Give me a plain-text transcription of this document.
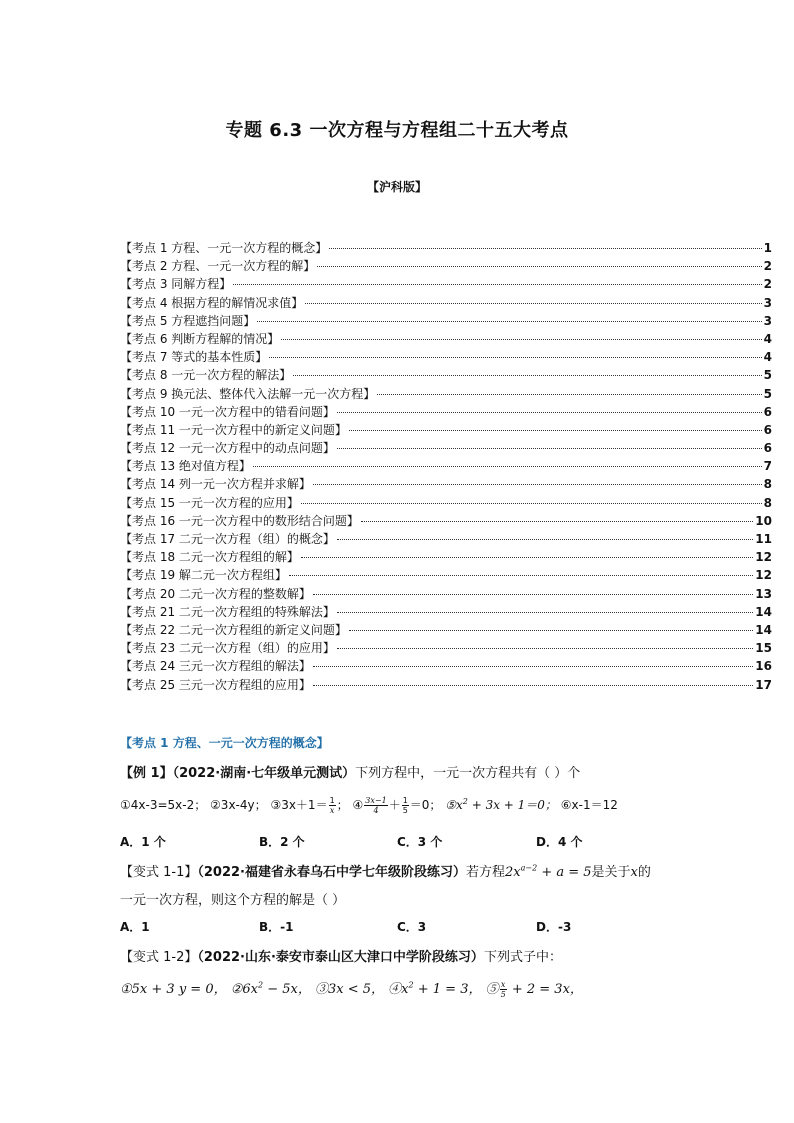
专题 6.3 一次方程与方程组二十五大考点
【沪科版】
【考点 1 方程、一元一次方程的概念】	1
【考点 2 方程、一元一次方程的解】	2
【考点 3 同解方程】	2
【考点 4 根据方程的解情况求值】	3
【考点 5 方程遮挡问题】	3
【考点 6 判断方程解的情况】	4
【考点 7 等式的基本性质】	4
【考点 8 一元一次方程的解法】	5
【考点 9 换元法、整体代入法解一元一次方程】	5
【考点 10 一元一次方程中的错看问题】	6
【考点 11 一元一次方程中的新定义问题】	6
【考点 12 一元一次方程中的动点问题】	6
【考点 13 绝对值方程】	7
【考点 14 列一元一次方程并求解】	8
【考点 15 一元一次方程的应用】	8
【考点 16 一元一次方程中的数形结合问题】	10
【考点 17 二元一次方程（组）的概念】	11
【考点 18 二元一次方程组的解】	12
【考点 19 解二元一次方程组】	12
【考点 20 二元一次方程的整数解】	13
【考点 21 二元一次方程组的特殊解法】	14
【考点 22 二元一次方程组的新定义问题】	14
【考点 23 二元一次方程（组）的应用】	15
【考点 24 三元一次方程组的解法】	16
【考点 25 三元一次方程组的应用】	17
【考点 1 方程、一元一次方程的概念】
【例 1】（2022·湖南·七年级单元测试）下列方程中，一元一次方程共有（ ）个
①4x-3=5x-2； ②3x-4y； ③3x＋1＝ $\frac{1}{x}$ ； ④ $\frac{3x-1}{4} + \frac{1}{5} =0$； $⑤x^2 + 3x + 1=0$； ⑥x-1＝12
A．1 个	B．2 个	C．3 个	D．4 个
【变式 1-1】（2022·福建省永春乌石中学七年级阶段练习）若方程$2x^{a-2} + a = 5$是关于x的
一元一次方程，则这个方程的解是（ ）
A．1	B．-1	C．3	D．-3
【变式 1-2】（2022·山东·泰安市泰山区大津口中学阶段练习）下列式子中：
①5x + 3 y = 0， $②6x^2 - 5x$， ③3x < 5， $④x^2 + 1 = 3$， ⑤ $\frac{x}{5} + 2 = 3x$，
